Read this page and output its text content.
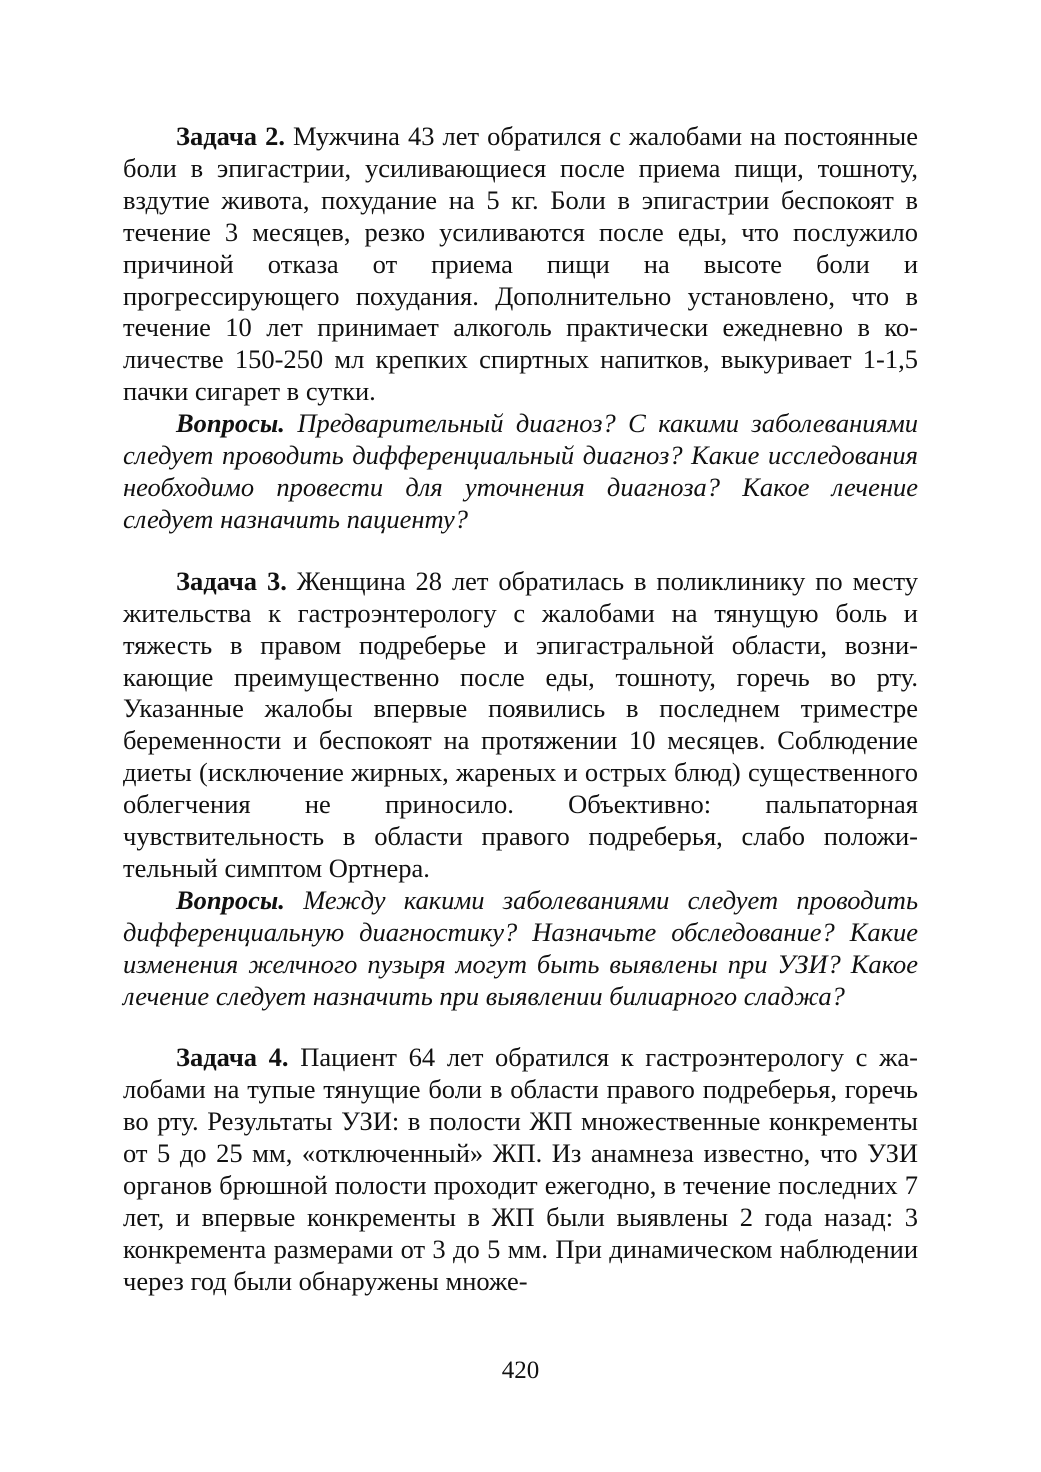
Задача 2. Мужчина 43 лет обратился с жалобами на постоянные боли в эпигастрии, усиливающиеся после приема пищи, тошноту, вздутие живота, похудание на 5 кг. Боли в эпигастрии беспокоят в течение 3 месяцев, резко усиливаются после еды, что послужило причиной отказа от приема пищи на высоте боли и прогрессирующего похудания. Дополнительно установлено, что в течение 10 лет принимает алкоголь практически ежедневно в количестве 150-250 мл крепких спиртных напитков, выкуривает 1-1,5 пачки сигарет в сутки.

Вопросы. Предварительный диагноз? С какими заболеваниями следует проводить дифференциальный диагноз? Какие исследования необходимо провести для уточнения диагноза? Какое лечение следует назначить пациенту?

Задача 3. Женщина 28 лет обратилась в поликлинику по месту жительства к гастроэнтерологу с жалобами на тянущую боль и тяжесть в правом подреберье и эпигастральной области, возникающие преимущественно после еды, тошноту, горечь во рту. Указанные жалобы впервые появились в последнем триместре беременности и беспокоят на протяжении 10 месяцев. Соблюдение диеты (исключение жирных, жареных и острых блюд) существенного облегчения не приносило. Объективно: пальпаторная чувствительность в области правого подреберья, слабо положительный симптом Ортнера.

Вопросы. Между какими заболеваниями следует проводить дифференциальную диагностику? Назначьте обследование? Какие изменения желчного пузыря могут быть выявлены при УЗИ? Какое лечение следует назначить при выявлении билиарного сладжа?

Задача 4. Пациент 64 лет обратился к гастроэнтерологу с жалобами на тупые тянущие боли в области правого подреберья, горечь во рту. Результаты УЗИ: в полости ЖП множественные конкременты от 5 до 25 мм, «отключенный» ЖП. Из анамнеза известно, что УЗИ органов брюшной полости проходит ежегодно, в течение последних 7 лет, и впервые конкременты в ЖП были выявлены 2 года назад: 3 конкремента размерами от 3 до 5 мм. При динамическом наблюдении через год были обнаружены множе-

420
